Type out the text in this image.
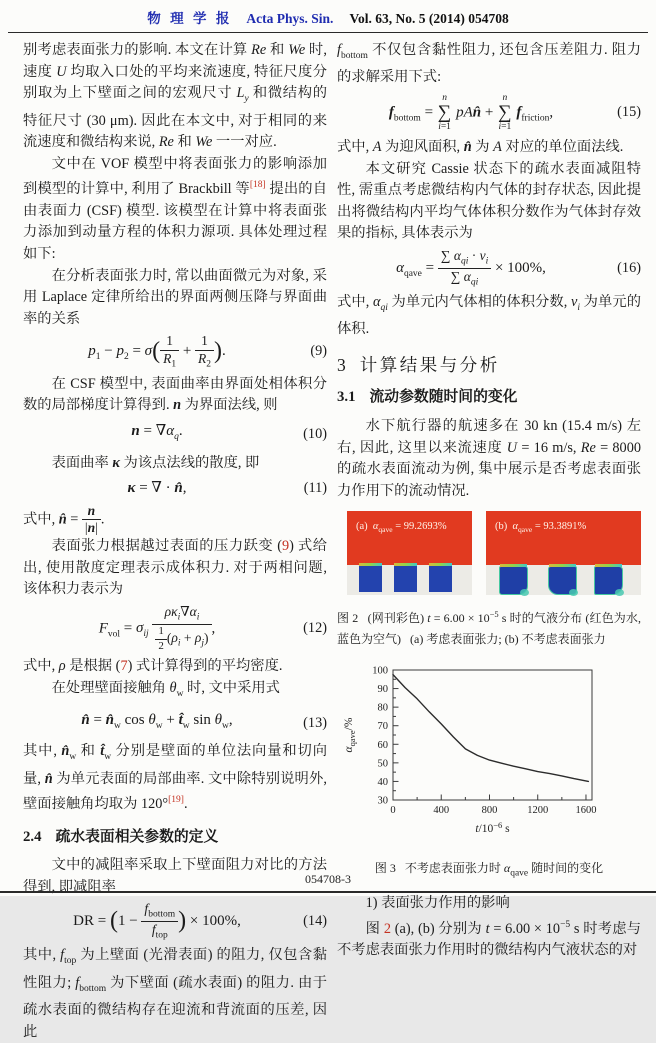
物 理 学 报 Acta Phys. Sin. Vol. 63, No. 5 (2014) 054708

别考虑表面张力的影响. 本文在计算 Re 和 We 时, 速度 U 均取入口处的平均来流速度, 特征尺度分别取为上下壁面之间的宏观尺寸 $L_y$ 和微结构的特征尺寸 (30 μm). 因此在本文中, 对于相同的来流速度和微结构来说, Re 和 We 一一对应.

文中在 VOF 模型中将表面张力的影响添加到模型的计算中, 利用了 Brackbill 等[18] 提出的自由表面力 (CSF) 模型. 该模型在计算中将表面张力添加到动量方程的体积力源项. 具体处理过程如下:

在分析表面张力时, 常以曲面微元为对象, 采用 Laplace 定律所给出的界面两侧压降与界面曲率的关系

$p_1 - p_2 = \sigma( \frac{1}{R_1} + \frac{1}{R_2}$ ).	(9)

在 CSF 模型中, 表面曲率由界面处相体积分数的局部梯度计算得到. n 为界面法线, 则

$n = \nabla\alpha_q$.	(10)

表面曲率 κ 为该点法线的散度, 即

κ = ∇ · n̂,	(11)

式中, n̂ = $\frac{n}{|n|}$ .

表面张力根据越过表面的压力跃变 (9) 式给出, 使用散度定理表示成体积力. 对于两相问题, 该体积力表示为

$F_{vol} = \sigma_{ij} \frac{\rho\kappa_i\nabla\alpha_i}{\frac{1}{2} (\rho_i + \rho_j)}$ ,	(12)

式中, ρ 是根据 (7) 式计算得到的平均密度.

在处理壁面接触角 $\theta_w$ 时, 文中采用式

n̂ = $n̂_w$ $\cos \theta_w$ + $t̂_w$ $\sin \theta_w$,	(13)

其中, $n̂_w$ 和 $t̂_w$ 分别是壁面的单位法向量和切向量, n̂ 为单元表面的局部曲率. 文中除特别说明外, 壁面接触角均取为 120°[19].

2.4 疏水表面相关参数的定义

文中的减阻率采取上下壁面阻力对比的方法得到, 即减阻率

DR = ($1 - \frac{f_{bottom}}{f_{top}}$ ) × 100%,	(14)

其中, $f_{top}$ 为上壁面 (光滑表面) 的阻力, 仅包含黏性阻力; $f_{bottom}$ 为下壁面 (疏水表面) 的阻力. 由于疏水表面的微结构存在迎流和背流面的压差, 因此

$f_{bottom}$ 不仅包含黏性阻力, 还包含压差阻力. 阻力的求解采用下式:

$f_{bottom}$ =
n
∑
i=1
pAn̂ +
n
∑
i=1
$f_{friction}$,	(15)

式中, A 为迎风面积, n̂ 为 A 对应的单位面法线.

本文研究 Cassie 状态下的疏水表面减阻特性, 需重点考虑微结构内气体的封存状态, 因此提出将微结构内平均气体体积分数作为气体封存效果的指标, 具体表示为

$\alpha_{qave} = \frac{\sum \alpha_{qi} \cdot v_i}{\sum \alpha_{qi}} \times 100\%$,	(16)

式中, $\alpha_{qi}$ 为单元内气体相的体积分数, $v_i$ 为单元的体积.

3 计算结果与分析
3.1 流动参数随时间的变化

水下航行器的航速多在 30 kn (15.4 m/s) 左右, 因此, 这里以来流速度 U = 16 m/s, Re = 8000 的疏水表面流动为例, 集中展示是否考虑表面张力作用下的流动情况.

(a)  $\alpha_{qave} = 99.2693\%$	(b)  $\alpha_{qave} = 93.3891\%$
图 2   (网刊彩色) $t = 6.00 \times 10^{-5}$ s 时的气液分布 (红色为水, 蓝色为空气)   (a) 考虑表面张力; (b) 不考虑表面张力
0	400	800	1200	1600
30
40
50
60
70
80
90
100
$t/10^{-6}$ s
$\alpha_{qave}/\%$
图 3   不考虑表面张力时 $\alpha_{qave}$ 随时间的变化

1) 表面张力作用的影响

图 2 (a), (b) 分别为 $t = 6.00 \times 10^{-5}$ s 时考虑与不考虑表面张力作用时的微结构内气液状态的对

054708-3
